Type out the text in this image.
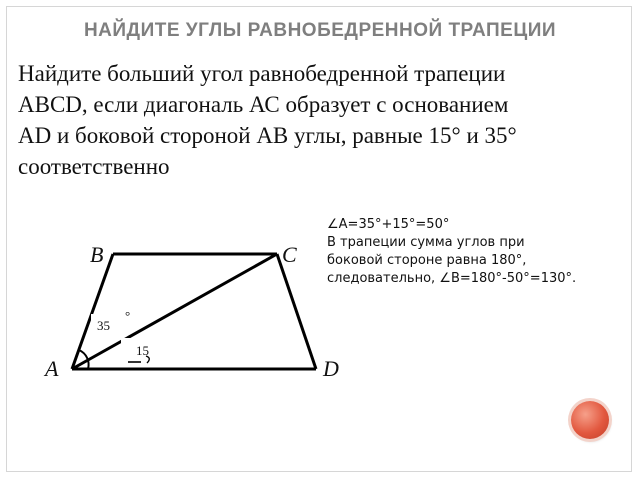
НАЙДИТЕ УГЛЫ РАВНОБЕДРЕННОЙ ТРАПЕЦИИ
Найдите больший угол равнобедренной трапеции
ABCD, если диагональ АС образует с основанием
AD и боковой стороной AB углы, равные 15° и 35°
соответственно
35
°
15
B	C
A	D
∠A=35°+15°=50°
В трапеции сумма углов при
боковой стороне равна 180°,
следовательно, ∠B=180°-50°=130°.
